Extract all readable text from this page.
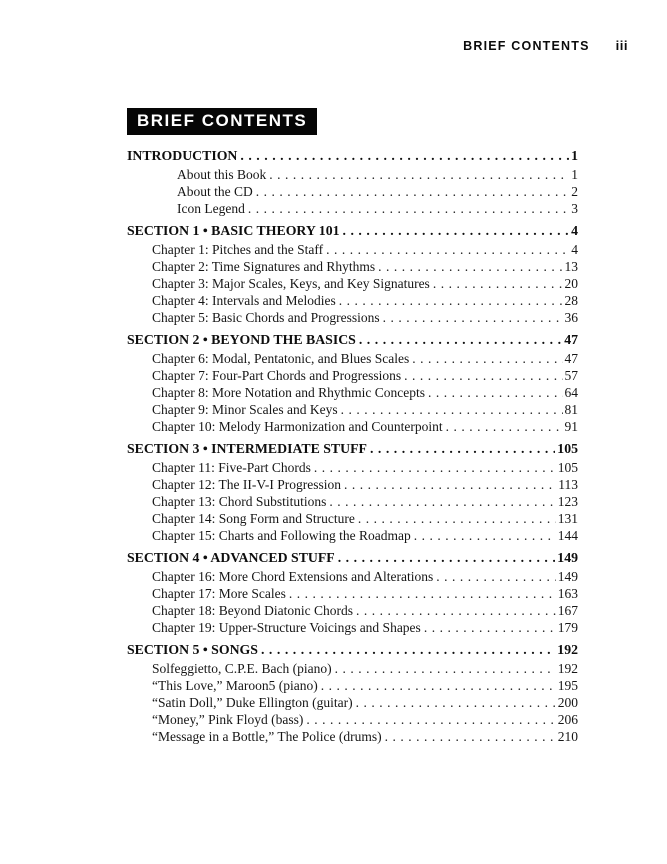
BRIEF CONTENTS iii
BRIEF CONTENTS
INTRODUCTION .....	1
About this Book .....	1
About the CD .....	2
Icon Legend .....	3
SECTION 1 • BASIC THEORY 101 .....	4
Chapter 1: Pitches and the Staff .....	4
Chapter 2: Time Signatures and Rhythms .....	13
Chapter 3: Major Scales, Keys, and Key Signatures .....	20
Chapter 4: Intervals and Melodies .....	28
Chapter 5: Basic Chords and Progressions .....	36
SECTION 2 • BEYOND THE BASICS .....	47
Chapter 6: Modal, Pentatonic, and Blues Scales .....	47
Chapter 7: Four-Part Chords and Progressions .....	57
Chapter 8: More Notation and Rhythmic Concepts .....	64
Chapter 9: Minor Scales and Keys .....	81
Chapter 10: Melody Harmonization and Counterpoint .....	91
SECTION 3 • INTERMEDIATE STUFF .....	105
Chapter 11: Five-Part Chords .....	105
Chapter 12: The II-V-I Progression .....	113
Chapter 13: Chord Substitutions .....	123
Chapter 14: Song Form and Structure .....	131
Chapter 15: Charts and Following the Roadmap .....	144
SECTION 4 • ADVANCED STUFF .....	149
Chapter 16: More Chord Extensions and Alterations .....	149
Chapter 17: More Scales .....	163
Chapter 18: Beyond Diatonic Chords .....	167
Chapter 19: Upper-Structure Voicings and Shapes .....	179
SECTION 5 • SONGS .....	192
Solfeggietto, C.P.E. Bach (piano) .....	192
“This Love,” Maroon5 (piano) .....	195
“Satin Doll,” Duke Ellington (guitar) .....	200
“Money,” Pink Floyd (bass) .....	206
“Message in a Bottle,” The Police (drums) .....	210
